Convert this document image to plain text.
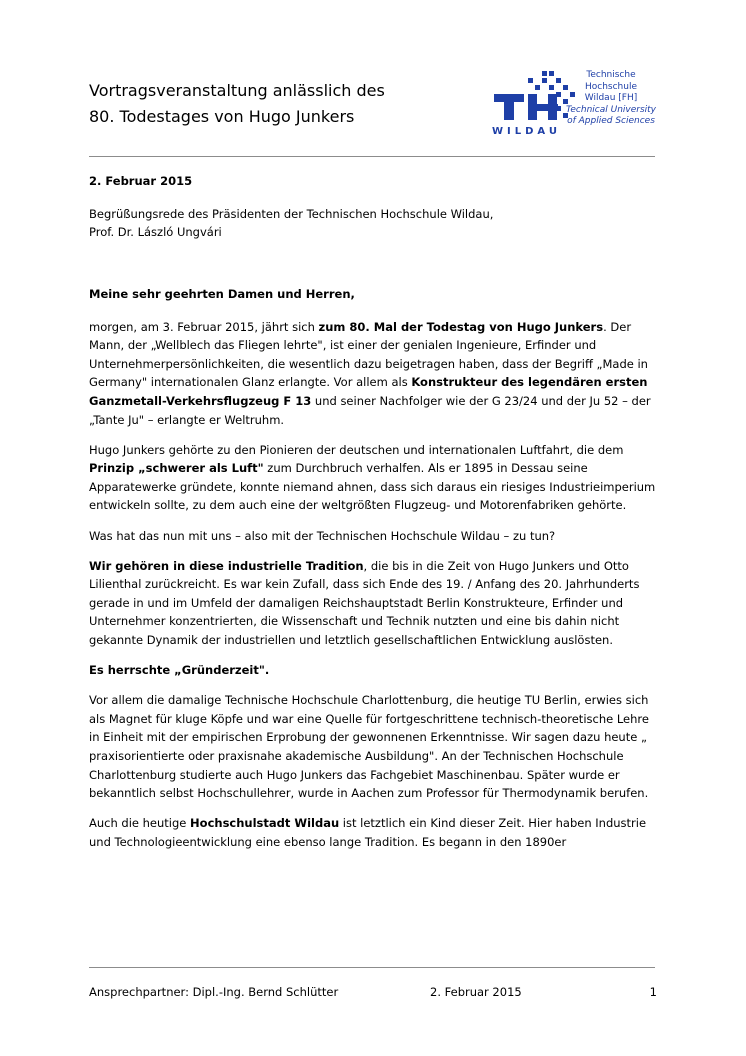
Vortragsveranstaltung anlässlich des
80. Todestages von Hugo Junkers
Technische
Hochschule
Wildau [FH]
Technical University
of Applied Sciences
WILDAU
2. Februar 2015
Begrüßungsrede des Präsidenten der Technischen Hochschule Wildau,
Prof. Dr. László Ungvári

Meine sehr geehrten Damen und Herren,

morgen, am 3. Februar 2015, jährt sich zum 80. Mal der Todestag von Hugo Junkers. Der Mann, der „Wellblech das Fliegen lehrte", ist einer der genialen Ingenieure, Erfinder und Unternehmerpersönlichkeiten, die wesentlich dazu beigetragen haben, dass der Begriff „Made in Germany" internationalen Glanz erlangte. Vor allem als Konstrukteur des legendären ersten Ganzmetall-Verkehrsflugzeug F 13 und seiner Nachfolger wie der G 23/24 und der Ju 52 – der „Tante Ju" – erlangte er Weltruhm.

Hugo Junkers gehörte zu den Pionieren der deutschen und internationalen Luftfahrt, die dem Prinzip „schwerer als Luft" zum Durchbruch verhalfen. Als er 1895 in Dessau seine Apparatewerke gründete, konnte niemand ahnen, dass sich daraus ein riesiges Industrieimperium entwickeln sollte, zu dem auch eine der weltgrößten Flugzeug- und Motorenfabriken gehörte.

Was hat das nun mit uns – also mit der Technischen Hochschule Wildau – zu tun?

Wir gehören in diese industrielle Tradition, die bis in die Zeit von Hugo Junkers und Otto Lilienthal zurückreicht. Es war kein Zufall, dass sich Ende des 19. / Anfang des 20. Jahrhunderts gerade in und im Umfeld der damaligen Reichshauptstadt Berlin Konstrukteure, Erfinder und Unternehmer konzentrierten, die Wissenschaft und Technik nutzten und eine bis dahin nicht gekannte Dynamik der industriellen und letztlich gesellschaftlichen Entwicklung auslösten.

Es herrschte „Gründerzeit".

Vor allem die damalige Technische Hochschule Charlottenburg, die heutige TU Berlin, erwies sich als Magnet für kluge Köpfe und war eine Quelle für fortgeschrittene technisch-theoretische Lehre in Einheit mit der empirischen Erprobung der gewonnenen Erkenntnisse. Wir sagen dazu heute „ praxisorientierte oder praxisnahe akademische Ausbildung". An der Technischen Hochschule Charlottenburg studierte auch Hugo Junkers das Fachgebiet Maschinenbau. Später wurde er bekanntlich selbst Hochschullehrer, wurde in Aachen zum Professor für Thermodynamik berufen.

Auch die heutige Hochschulstadt Wildau ist letztlich ein Kind dieser Zeit. Hier haben Industrie und Technologieentwicklung eine ebenso lange Tradition. Es begann in den 1890er

Ansprechpartner: Dipl.-Ing. Bernd Schlütter	2. Februar 2015	1
